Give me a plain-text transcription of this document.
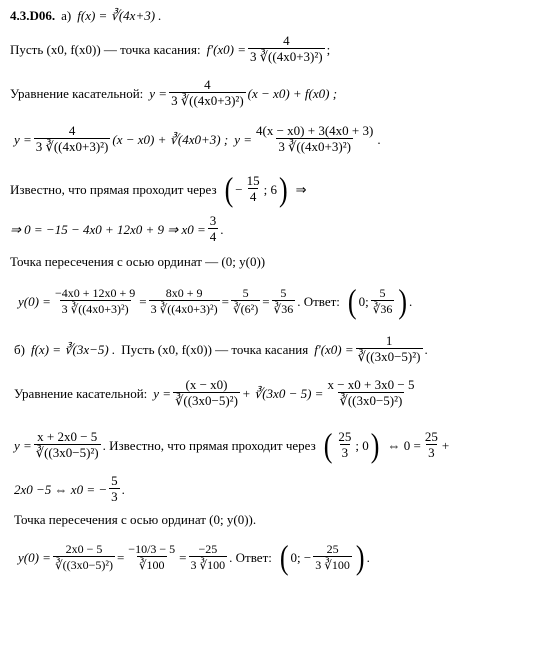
4.3.D06. а) f(x) = ∛(4x+3) .
Пусть (x0, f(x0)) — точка касания: $f'(x0) = \frac{4}{\text{3 ∛((4x0+3)²)}}$ ;
Уравнение касательной: $y = \frac{4}{\text{3 ∛((4x0+3)²)}} (x - x0) + f(x0)$ ;
$y = \frac{4}{\text{3 ∛((4x0+3)²)}} (x - x0)$ + ∛(4x0+3) ; $y = \frac{4(x - x0) + 3(4x0 + 3)}{\text{3 ∛((4x0+3)²)}}$ .
Известно, что прямая проходит через ( − $\frac{15}{4}$ ; 6 ) ⇒
⇒ 0 = −15 − 4x0 + 12x0 + 9 ⇒ $x0 = \frac{3}{4}$ .
Точка пересечения с осью ординат — (0; y(0))
$y(0) = \frac{-4x0 + 12x0 + 9}{\text{3 ∛((4x0+3)²)}} = \frac{8x0 + 9}{\text{3 ∛((4x0+3)²)}} = \frac{5}{\text{∛(6²)}} = \frac{5}{∛36}$ . Ответ: ( 0; $\frac{5}{∛36}$ ) .
б) f(x) = ∛(3x−5) . Пусть (x0, f(x0)) — точка касания $f'(x0) = \frac{1}{\text{∛((3x0−5)²)}}$ .
Уравнение касательной: $y = \frac{(x - x0)}{\text{∛((3x0−5)²)}}$ + ∛(3x0 − $5) = \frac{x - x0 + 3x0 - 5}{\text{∛((3x0−5)²)}}$
$y = \frac{x + 2x0 - 5}{\text{∛((3x0−5)²)}}$ . Известно, что прямая проходит через ( $\frac{25}{3}$ ; 0 ) ⇔ $0 = \frac{25}{3}$ +
2x0 −5 ⇔ x0 = − $\frac{5}{3}$ .
Точка пересечения с осью ординат (0; y(0)).
$y(0) = \frac{2x0 - 5}{\text{∛((3x0−5)²)}} = \frac{-10/3 - 5}{∛100} = \frac{-25}{3 ∛100}$ . Ответ: ( 0; − $\frac{25}{3 ∛100}$ ) .
